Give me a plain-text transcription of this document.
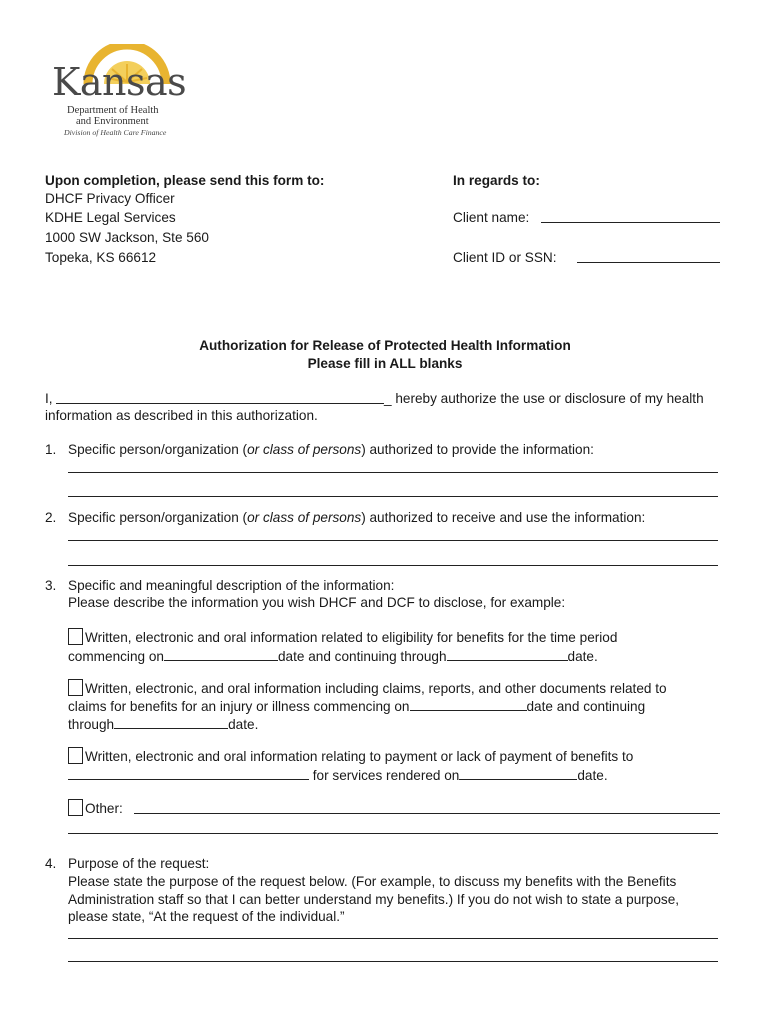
Kansas
Department of Health
and Environment
Division of Health Care Finance
Upon completion, please send this form to:
DHCF Privacy Officer
KDHE Legal Services
1000 SW Jackson, Ste 560
Topeka, KS 66612
In regards to:
Client name:
Client ID or SSN:
Authorization for Release of Protected Health Information
Please fill in ALL blanks
I,	_ hereby authorize the use or disclosure of my health
information as described in this authorization.
1. Specific person/organization (or class of persons) authorized to provide the information:
2. Specific person/organization (or class of persons) authorized to receive and use the information:
3. Specific and meaningful description of the information:
Please describe the information you wish DHCF and DCF to disclose, for example:
Written, electronic and oral information related to eligibility for benefits for the time period
commencing on	date and continuing through	date.
Written, electronic, and oral information including claims, reports, and other documents related to
claims for benefits for an injury or illness commencing on	date and continuing
through	date.
Written, electronic and oral information relating to payment or lack of payment of benefits to
for services rendered on	date.
Other:
4. Purpose of the request:
Please state the purpose of the request below. (For example, to discuss my benefits with the Benefits
Administration staff so that I can better understand my benefits.) If you do not wish to state a purpose,
please state, “At the request of the individual.”
